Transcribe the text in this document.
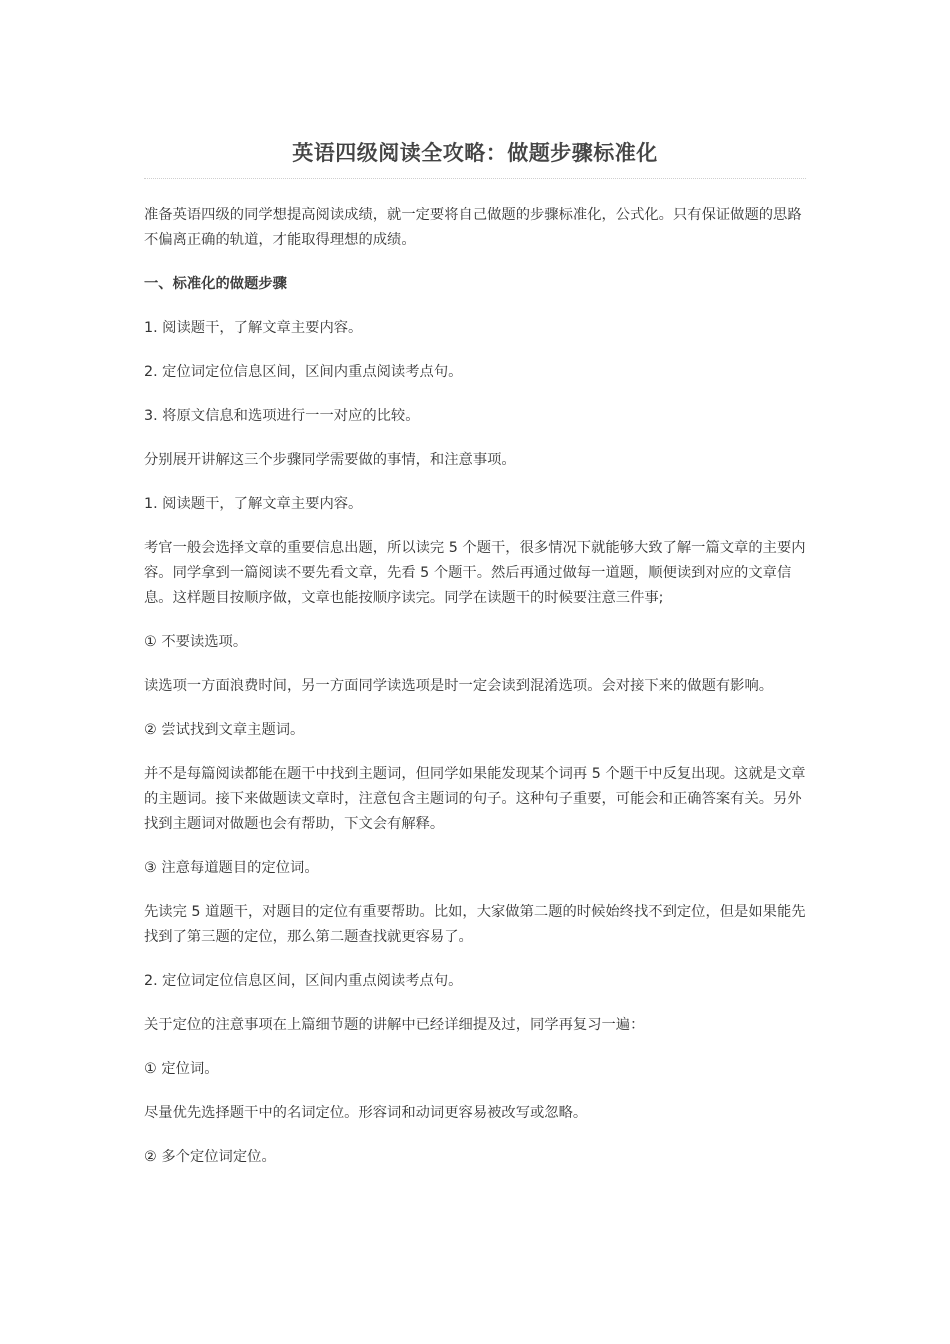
英语四级阅读全攻略：做题步骤标准化

准备英语四级的同学想提高阅读成绩，就一定要将自己做题的步骤标准化，公式化。只有保证做题的思路不偏离正确的轨道，才能取得理想的成绩。

一、标准化的做题步骤

1. 阅读题干，了解文章主要内容。

2. 定位词定位信息区间，区间内重点阅读考点句。

3. 将原文信息和选项进行一一对应的比较。

分别展开讲解这三个步骤同学需要做的事情，和注意事项。

1. 阅读题干，了解文章主要内容。

考官一般会选择文章的重要信息出题，所以读完 5 个题干，很多情况下就能够大致了解一篇文章的主要内容。同学拿到一篇阅读不要先看文章，先看 5 个题干。然后再通过做每一道题，顺便读到对应的文章信息。这样题目按顺序做，文章也能按顺序读完。同学在读题干的时候要注意三件事;

① 不要读选项。

读选项一方面浪费时间，另一方面同学读选项是时一定会读到混淆选项。会对接下来的做题有影响。

② 尝试找到文章主题词。

并不是每篇阅读都能在题干中找到主题词，但同学如果能发现某个词再 5 个题干中反复出现。这就是文章的主题词。接下来做题读文章时，注意包含主题词的句子。这种句子重要，可能会和正确答案有关。另外找到主题词对做题也会有帮助，下文会有解释。

③ 注意每道题目的定位词。

先读完 5 道题干，对题目的定位有重要帮助。比如，大家做第二题的时候始终找不到定位，但是如果能先找到了第三题的定位，那么第二题查找就更容易了。

2. 定位词定位信息区间，区间内重点阅读考点句。

关于定位的注意事项在上篇细节题的讲解中已经详细提及过，同学再复习一遍：

① 定位词。

尽量优先选择题干中的名词定位。形容词和动词更容易被改写或忽略。

② 多个定位词定位。
